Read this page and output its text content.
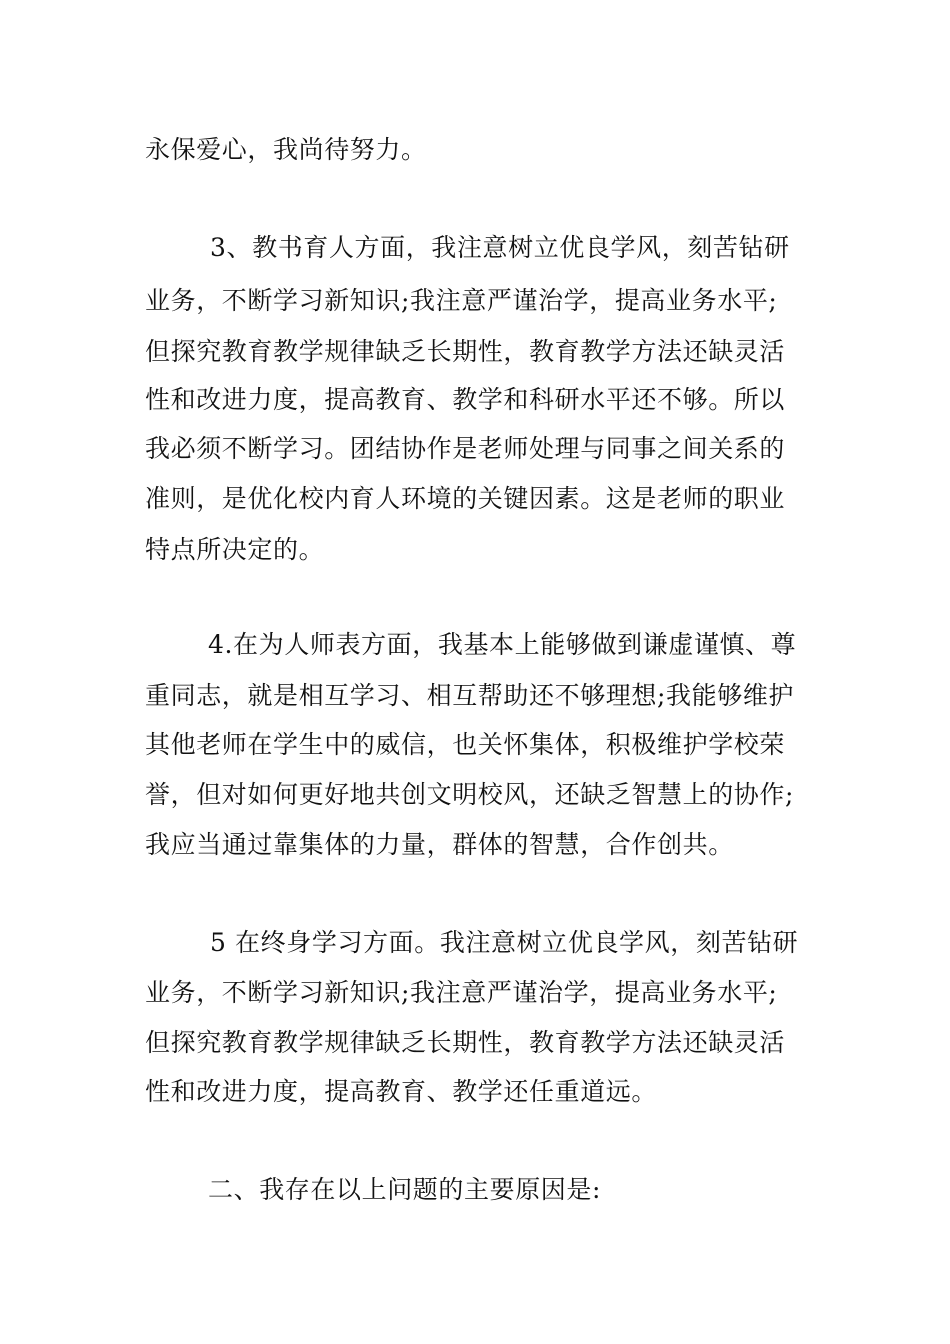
永保爱心，我尚待努力。
3、教书育人方面，我注意树立优良学风，刻苦钻研
业务，不断学习新知识;我注意严谨治学，提高业务水平;
但探究教育教学规律缺乏长期性，教育教学方法还缺灵活
性和改进力度，提高教育、教学和科研水平还不够。所以
我必须不断学习。团结协作是老师处理与同事之间关系的
准则，是优化校内育人环境的关键因素。这是老师的职业
特点所决定的。
4.在为人师表方面，我基本上能够做到谦虚谨慎、尊
重同志，就是相互学习、相互帮助还不够理想;我能够维护
其他老师在学生中的威信，也关怀集体，积极维护学校荣
誉，但对如何更好地共创文明校风，还缺乏智慧上的协作;
我应当通过靠集体的力量，群体的智慧，合作创共。
5 在终身学习方面。我注意树立优良学风，刻苦钻研
业务，不断学习新知识;我注意严谨治学，提高业务水平;
但探究教育教学规律缺乏长期性，教育教学方法还缺灵活
性和改进力度，提高教育、教学还任重道远。
二、我存在以上问题的主要原因是:
